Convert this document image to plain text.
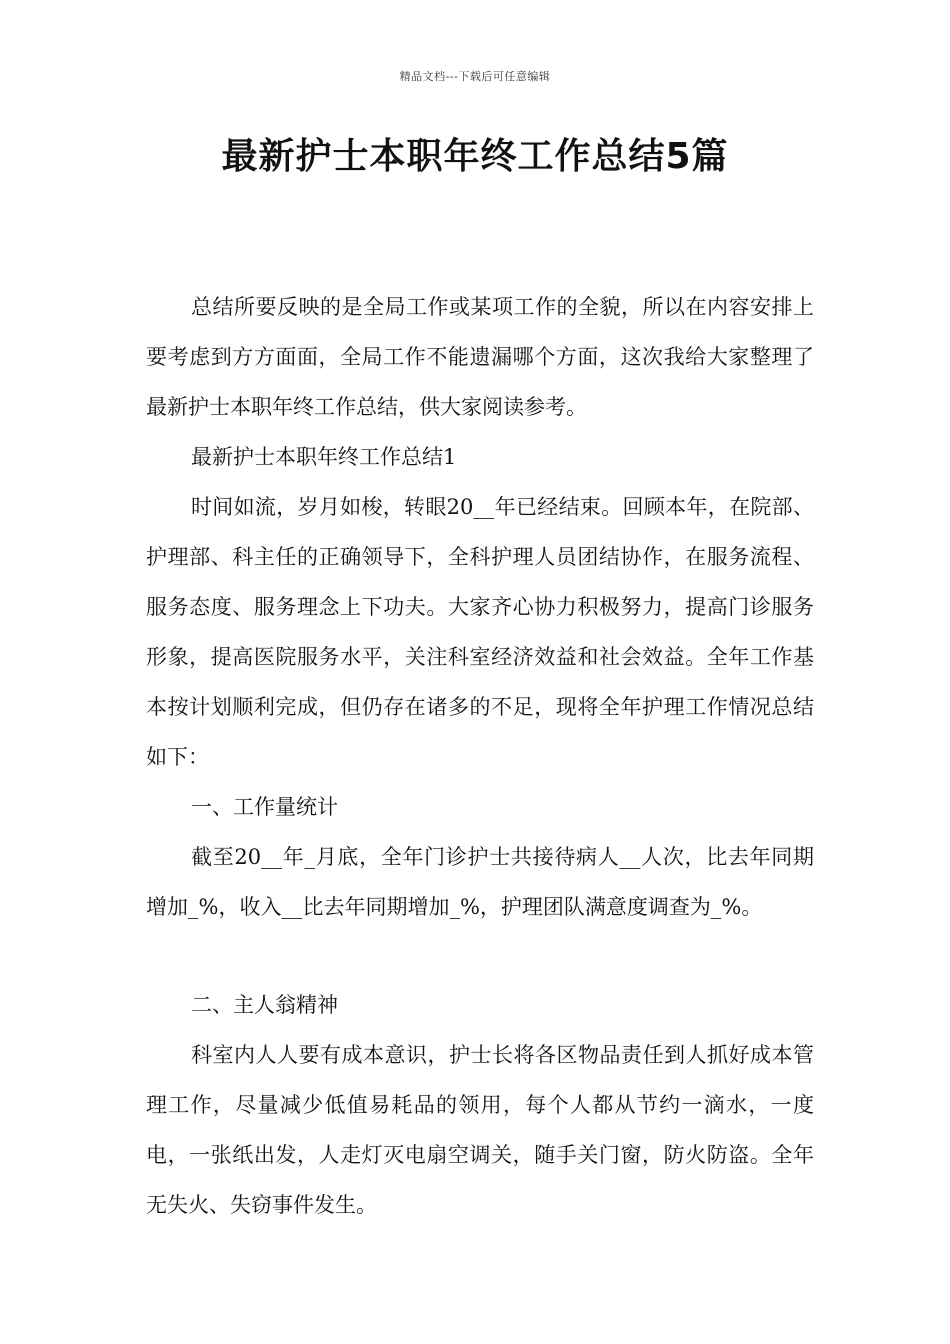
精品文档---下载后可任意编辑
最新护士本职年终工作总结5篇

总结所要反映的是全局工作或某项工作的全貌，所以在内容安排上要考虑到方方面面，全局工作不能遗漏哪个方面，这次我给大家整理了最新护士本职年终工作总结，供大家阅读参考。

最新护士本职年终工作总结1

时间如流，岁月如梭，转眼20__年已经结束。回顾本年，在院部、护理部、科主任的正确领导下，全科护理人员团结协作，在服务流程、服务态度、服务理念上下功夫。大家齐心协力积极努力，提高门诊服务形象，提高医院服务水平，关注科室经济效益和社会效益。全年工作基本按计划顺利完成，但仍存在诸多的不足，现将全年护理工作情况总结如下：

一、工作量统计

截至20__年_月底，全年门诊护士共接待病人__人次，比去年同期增加_%，收入__比去年同期增加_%，护理团队满意度调查为_%。

二、主人翁精神

科室内人人要有成本意识，护士长将各区物品责任到人抓好成本管理工作，尽量减少低值易耗品的领用，每个人都从节约一滴水，一度电，一张纸出发，人走灯灭电扇空调关，随手关门窗，防火防盗。全年无失火、失窃事件发生。
